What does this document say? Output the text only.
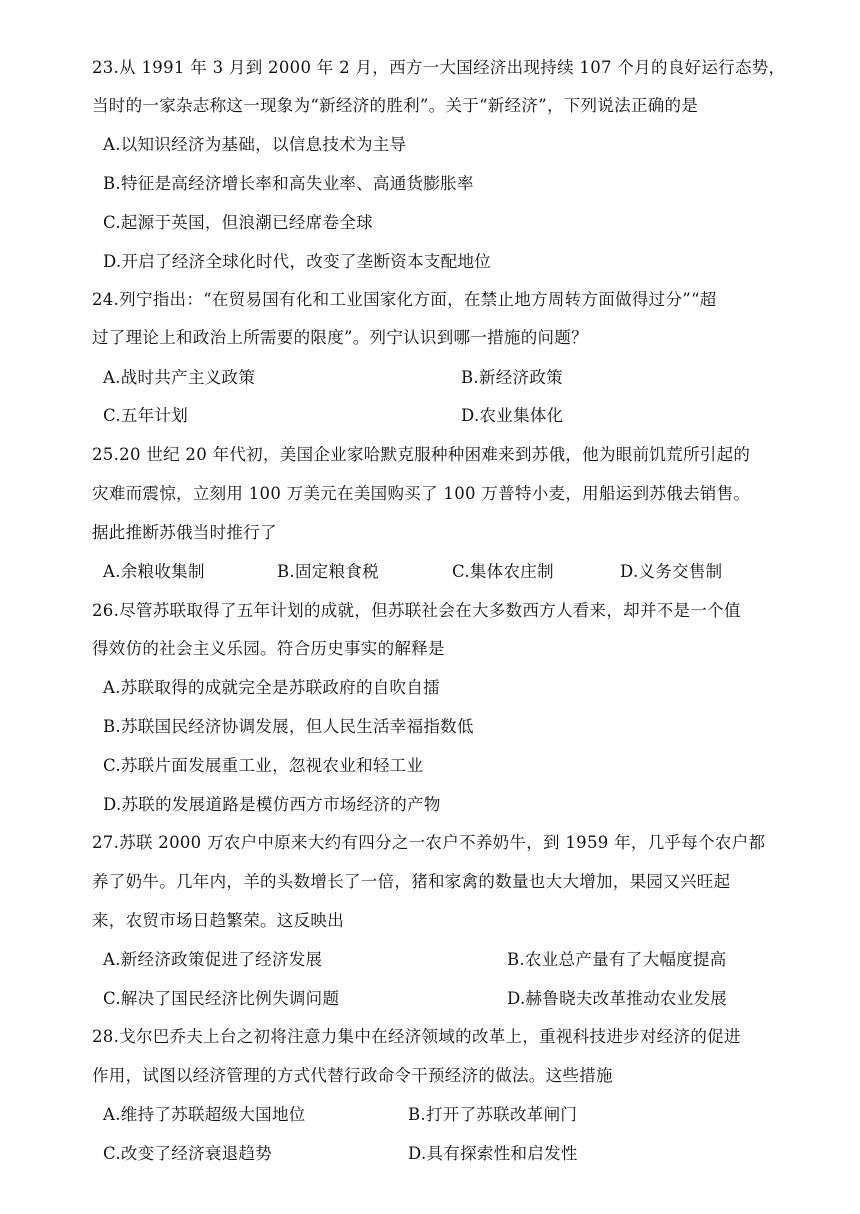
23.从 1991 年 3 月到 2000 年 2 月，西方一大国经济出现持续 107 个月的良好运行态势，
当时的一家杂志称这一现象为“新经济的胜利”。关于“新经济”，下列说法正确的是
A.以知识经济为基础，以信息技术为主导
B.特征是高经济增长率和高失业率、高通货膨胀率
C.起源于英国，但浪潮已经席卷全球
D.开启了经济全球化时代，改变了垄断资本支配地位
24.列宁指出：“在贸易国有化和工业国家化方面，在禁止地方周转方面做得过分”“超
过了理论上和政治上所需要的限度”。列宁认识到哪一措施的问题？
A.战时共产主义政策	B.新经济政策
C.五年计划	D.农业集体化
25.20 世纪 20 年代初，美国企业家哈默克服种种困难来到苏俄，他为眼前饥荒所引起的
灾难而震惊，立刻用 100 万美元在美国购买了 100 万普特小麦，用船运到苏俄去销售。
据此推断苏俄当时推行了
A.余粮收集制	B.固定粮食税	C.集体农庄制	D.义务交售制
26.尽管苏联取得了五年计划的成就，但苏联社会在大多数西方人看来，却并不是一个值
得效仿的社会主义乐园。符合历史事实的解释是
A.苏联取得的成就完全是苏联政府的自吹自擂
B.苏联国民经济协调发展，但人民生活幸福指数低
C.苏联片面发展重工业，忽视农业和轻工业
D.苏联的发展道路是模仿西方市场经济的产物
27.苏联 2000 万农户中原来大约有四分之一农户不养奶牛，到 1959 年，几乎每个农户都
养了奶牛。几年内，羊的头数增长了一倍，猪和家禽的数量也大大增加，果园又兴旺起
来，农贸市场日趋繁荣。这反映出
A.新经济政策促进了经济发展	B.农业总产量有了大幅度提高
C.解决了国民经济比例失调问题	D.赫鲁晓夫改革推动农业发展
28.戈尔巴乔夫上台之初将注意力集中在经济领域的改革上，重视科技进步对经济的促进
作用，试图以经济管理的方式代替行政命令干预经济的做法。这些措施
A.维持了苏联超级大国地位	B.打开了苏联改革闸门
C.改变了经济衰退趋势	D.具有探索性和启发性
